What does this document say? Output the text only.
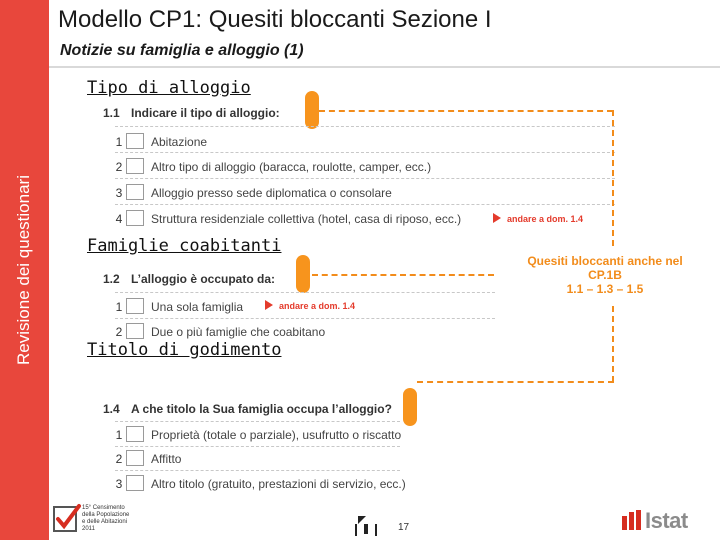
Revisione dei questionari
Modello CP1: Quesiti bloccanti Sezione I
Notizie su famiglia e alloggio (1)
Tipo di alloggio
1.1 Indicare il tipo di alloggio:
1	Abitazione
2	Altro tipo di alloggio (baracca, roulotte, camper, ecc.)
3	Alloggio presso sede diplomatica o consolare
4	Struttura residenziale collettiva (hotel, casa di riposo, ecc.)	andare a dom. 1.4
Famiglie coabitanti
1.2 L’alloggio è occupato da:
1	Una sola famiglia	andare a dom. 1.4
2	Due o più famiglie che coabitano
Titolo di godimento
1.4 A che titolo la Sua famiglia occupa l’alloggio?
1	Proprietà (totale o parziale), usufrutto o riscatto
2	Affitto
3	Altro titolo (gratuito, prestazioni di servizio, ecc.)
Quesiti bloccanti anche nel
CP.1B
1.1 – 1.3 – 1.5
15° Censimento
della Popolazione
e delle Abitazioni
2011	17	Istat
